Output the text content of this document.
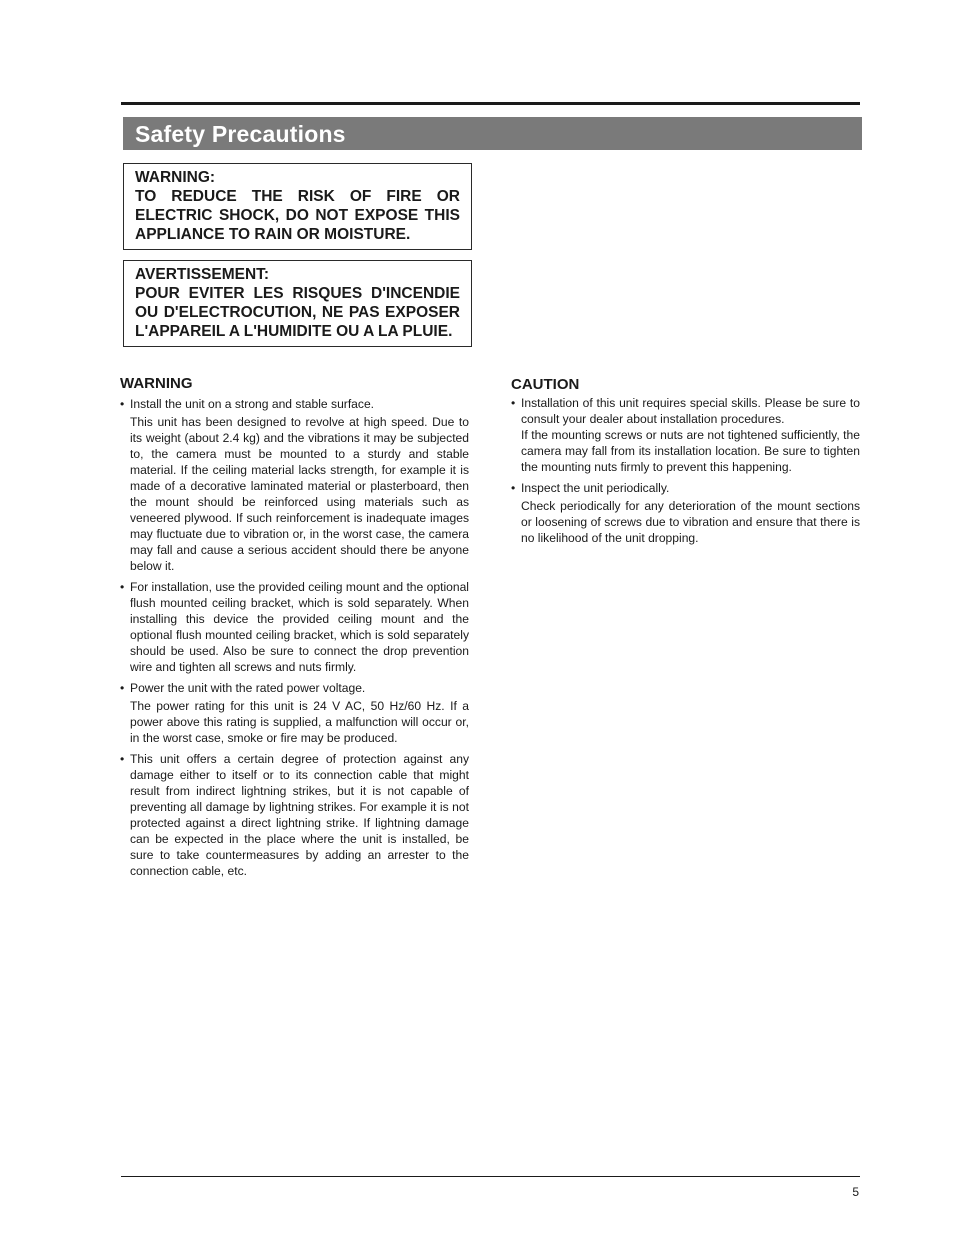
Safety Precautions
WARNING:
TO REDUCE THE RISK OF FIRE OR ELECTRIC SHOCK, DO NOT EXPOSE THIS APPLIANCE TO RAIN OR MOISTURE.
AVERTISSEMENT:
POUR EVITER LES RISQUES D'INCENDIE OU D'ELECTROCUTION, NE PAS EXPOSER L'APPAREIL A L'HUMIDITE OU A LA PLUIE.
WARNING
• Install the unit on a strong and stable surface.

This unit has been designed to revolve at high speed. Due to its weight (about 2.4 kg) and the vibrations it may be subjected to, the camera must be mounted to a sturdy and stable material. If the ceiling material lacks strength, for example it is made of a decorative laminated material or plasterboard, then the mount should be reinforced using materials such as veneered plywood. If such reinforcement is inadequate images may fluctuate due to vibration or, in the worst case, the camera may fall and cause a serious accident should there be anyone below it.

• For installation, use the provided ceiling mount and the optional flush mounted ceiling bracket, which is sold separately. When installing this device the provided ceiling mount and the optional flush mounted ceiling bracket, which is sold separately should be used. Also be sure to connect the drop prevention wire and tighten all screws and nuts firmly.

• Power the unit with the rated power voltage.

The power rating for this unit is 24 V AC, 50 Hz/60 Hz. If a power above this rating is supplied, a malfunction will occur or, in the worst case, smoke or fire may be produced.

• This unit offers a certain degree of protection against any damage either to itself or to its connection cable that might result from indirect lightning strikes, but it is not capable of preventing all damage by lightning strikes. For example it is not protected against a direct lightning strike. If lightning damage can be expected in the place where the unit is installed, be sure to take countermeasures by adding an arrester to the connection cable, etc.

CAUTION
• Installation of this unit requires special skills. Please be sure to consult your dealer about installation procedures.

If the mounting screws or nuts are not tightened sufficiently, the camera may fall from its installation location. Be sure to tighten the mounting nuts firmly to prevent this happening.

• Inspect the unit periodically.

Check periodically for any deterioration of the mount sections or loosening of screws due to vibration and ensure that there is no likelihood of the unit dropping.

5
